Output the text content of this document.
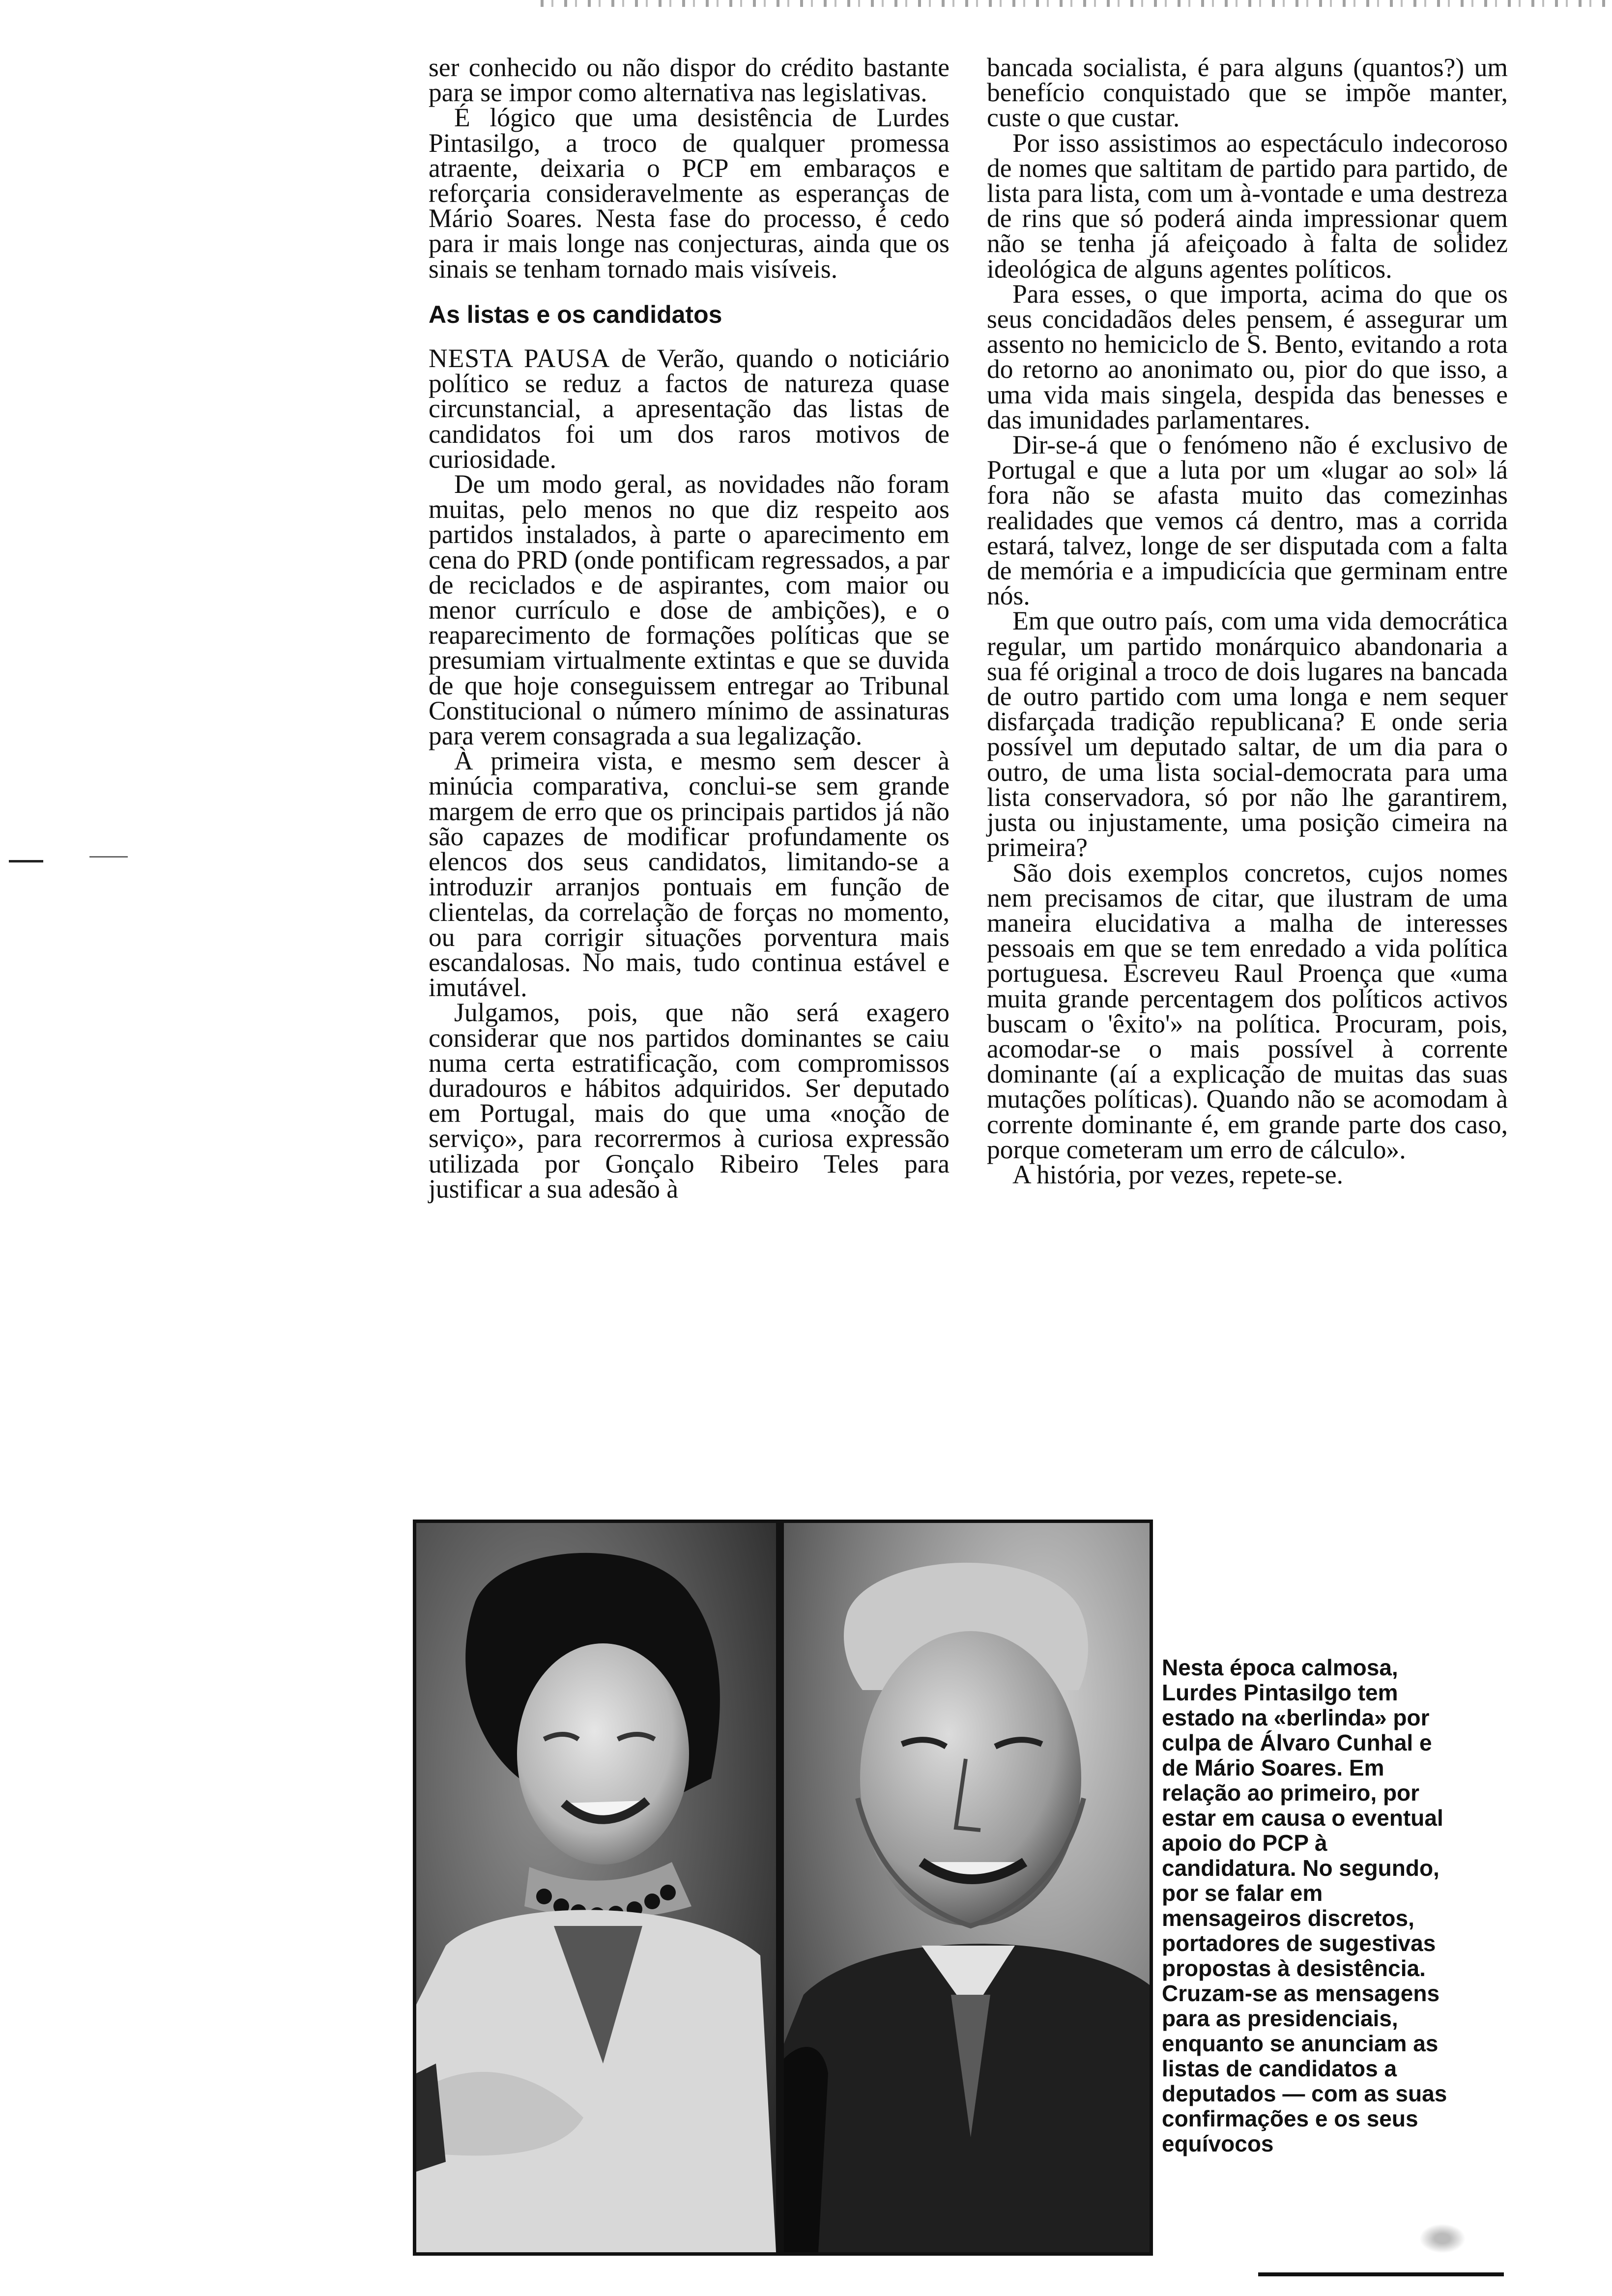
ser conhecido ou não dispor do crédito bastante para se impor como alternativa nas legislativas.

É lógico que uma desistência de Lurdes Pintasilgo, a troco de qualquer promessa atraente, deixaria o PCP em embaraços e reforçaria consideravelmente as esperanças de Mário Soares. Nesta fase do processo, é cedo para ir mais longe nas conjecturas, ainda que os sinais se tenham tornado mais visíveis.

As listas e os candidatos

NESTA PAUSA de Verão, quando o noticiário político se reduz a factos de natureza quase circunstancial, a apresentação das listas de candidatos foi um dos raros motivos de curiosidade.

De um modo geral, as novidades não foram muitas, pelo menos no que diz respeito aos partidos instalados, à parte o aparecimento em cena do PRD (onde pontificam regressados, a par de reciclados e de aspirantes, com maior ou menor currículo e dose de ambições), e o reaparecimento de formações políticas que se presumiam virtualmente extintas e que se duvida de que hoje conseguissem entregar ao Tribunal Constitucional o número mínimo de assinaturas para verem consagrada a sua legalização.

À primeira vista, e mesmo sem descer à minúcia comparativa, conclui-se sem grande margem de erro que os principais partidos já não são capazes de modificar profundamente os elencos dos seus candidatos, limitando-se a introduzir arranjos pontuais em função de clientelas, da correlação de forças no momento, ou para corrigir situações porventura mais escandalosas. No mais, tudo continua estável e imutável.

Julgamos, pois, que não será exagero considerar que nos partidos dominantes se caiu numa certa estratificação, com compromissos duradouros e hábitos adquiridos. Ser deputado em Portugal, mais do que uma «noção de serviço», para recorrermos à curiosa expressão utilizada por Gonçalo Ribeiro Teles para justificar a sua adesão à

bancada socialista, é para alguns (quantos?) um benefício conquistado que se impõe manter, custe o que custar.

Por isso assistimos ao espectáculo indecoroso de nomes que saltitam de partido para partido, de lista para lista, com um à-vontade e uma destreza de rins que só poderá ainda impressionar quem não se tenha já afeiçoado à falta de solidez ideológica de alguns agentes políticos.

Para esses, o que importa, acima do que os seus concidadãos deles pensem, é assegurar um assento no hemiciclo de S. Bento, evitando a rota do retorno ao anonimato ou, pior do que isso, a uma vida mais singela, despida das benesses e das imunidades parlamentares.

Dir-se-á que o fenómeno não é exclusivo de Portugal e que a luta por um «lugar ao sol» lá fora não se afasta muito das comezinhas realidades que vemos cá dentro, mas a corrida estará, talvez, longe de ser disputada com a falta de memória e a impudicícia que germinam entre nós.

Em que outro país, com uma vida democrática regular, um partido monárquico abandonaria a sua fé original a troco de dois lugares na bancada de outro partido com uma longa e nem sequer disfarçada tradição republicana? E onde seria possível um deputado saltar, de um dia para o outro, de uma lista social-democrata para uma lista conservadora, só por não lhe garantirem, justa ou injustamente, uma posição cimeira na primeira?

São dois exemplos concretos, cujos nomes nem precisamos de citar, que ilustram de uma maneira elucidativa a malha de interesses pessoais em que se tem enredado a vida política portuguesa. Escreveu Raul Proença que «uma muita grande percentagem dos políticos activos buscam o 'êxito'» na política. Procuram, pois, acomodar-se o mais possível à corrente dominante (aí a explicação de muitas das suas mutações políticas). Quando não se acomodam à corrente dominante é, em grande parte dos caso, porque cometeram um erro de cálculo».

A história, por vezes, repete-se.

Nesta época calmosa,
Lurdes Pintasilgo tem
estado na «berlinda» por
culpa de Álvaro Cunhal e
de Mário Soares. Em
relação ao primeiro, por
estar em causa o eventual
apoio do PCP à
candidatura. No segundo,
por se falar em
mensageiros discretos,
portadores de sugestivas
propostas à desistência.
Cruzam-se as mensagens
para as presidenciais,
enquanto se anunciam as
listas de candidatos a
deputados — com as suas
confirmações e os seus
equívocos
